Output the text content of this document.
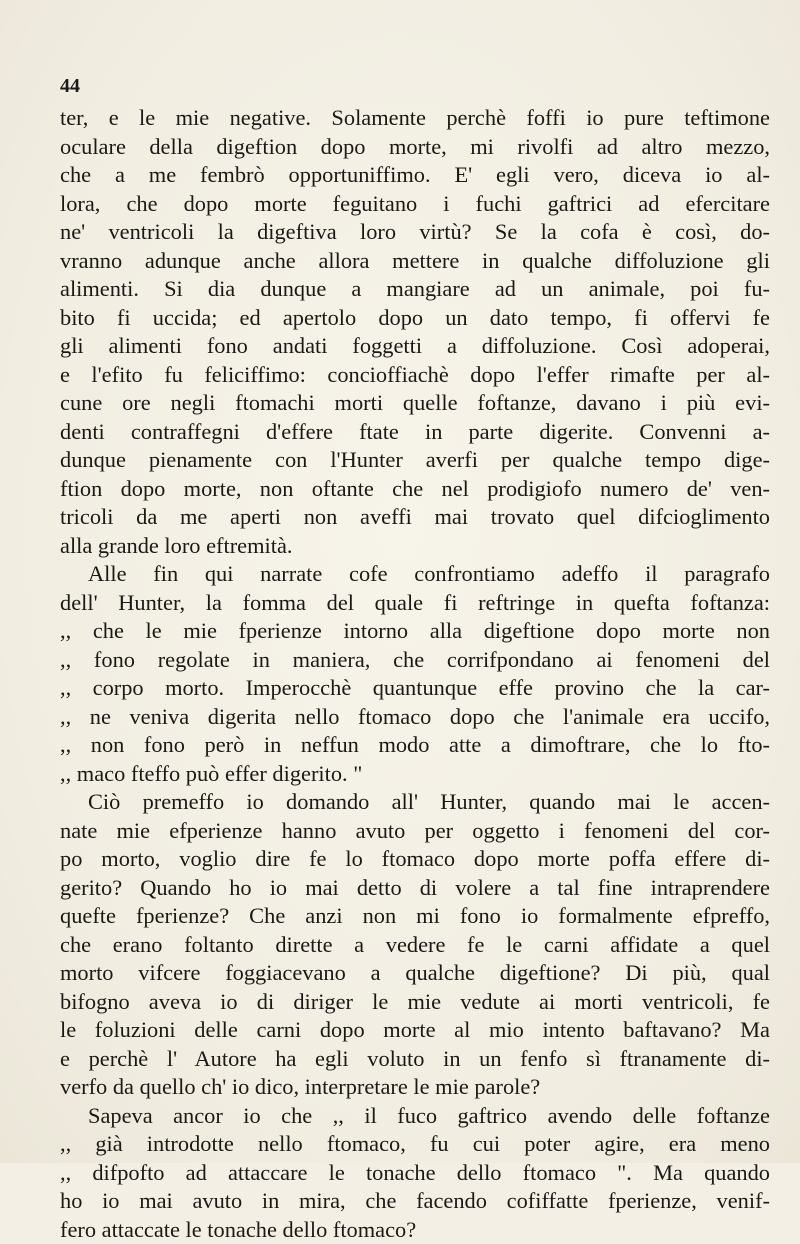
44
ter, e le mie negative. Solamente perchè foffi io pure teftimone
oculare della digeftion dopo morte, mi rivolfi ad altro mezzo,
che a me fembrò opportuniffimo. E' egli vero, diceva io al-
lora, che dopo morte feguitano i fuchi gaftrici ad efercitare
ne' ventricoli la digeftiva loro virtù? Se la cofa è così, do-
vranno adunque anche allora mettere in qualche diffoluzione gli
alimenti. Si dia dunque a mangiare ad un animale, poi fu-
bito fi uccida; ed apertolo dopo un dato tempo, fi offervi fe
gli alimenti fono andati foggetti a diffoluzione. Così adoperai,
e l'efito fu feliciffimo: concioffiachè dopo l'effer rimafte per al-
cune ore negli ftomachi morti quelle foftanze, davano i più evi-
denti contraffegni d'effere ftate in parte digerite. Convenni a-
dunque pienamente con l'Hunter averfi per qualche tempo dige-
ftion dopo morte, non oftante che nel prodigiofo numero de' ven-
tricoli da me aperti non aveffi mai trovato quel difcioglimento
alla grande loro eftremità.
Alle fin qui narrate cofe confrontiamo adeffo il paragrafo
dell' Hunter, la fomma del quale fi reftringe in quefta foftanza:
,, che le mie fperienze intorno alla digeftione dopo morte non
,, fono regolate in maniera, che corrifpondano ai fenomeni del
,, corpo morto. Imperocchè quantunque effe provino che la car-
,, ne veniva digerita nello ftomaco dopo che l'animale era uccifo,
,, non fono però in neffun modo atte a dimoftrare, che lo fto-
,, maco fteffo può effer digerito. "
Ciò premeffo io domando all' Hunter, quando mai le accen-
nate mie efperienze hanno avuto per oggetto i fenomeni del cor-
po morto, voglio dire fe lo ftomaco dopo morte poffa effere di-
gerito? Quando ho io mai detto di volere a tal fine intraprendere
quefte fperienze? Che anzi non mi fono io formalmente efpreffo,
che erano foltanto dirette a vedere fe le carni affidate a quel
morto vifcere foggiacevano a qualche digeftione? Di più, qual
bifogno aveva io di diriger le mie vedute ai morti ventricoli, fe
le foluzioni delle carni dopo morte al mio intento baftavano? Ma
e perchè l' Autore ha egli voluto in un fenfo sì ftranamente di-
verfo da quello ch' io dico, interpretare le mie parole?
Sapeva ancor io che ,, il fuco gaftrico avendo delle foftanze
,, già introdotte nello ftomaco, fu cui poter agire, era meno
,, difpofto ad attaccare le tonache dello ftomaco ". Ma quando
ho io mai avuto in mira, che facendo cofiffatte fperienze, venif-
fero attaccate le tonache dello ftomaco?
